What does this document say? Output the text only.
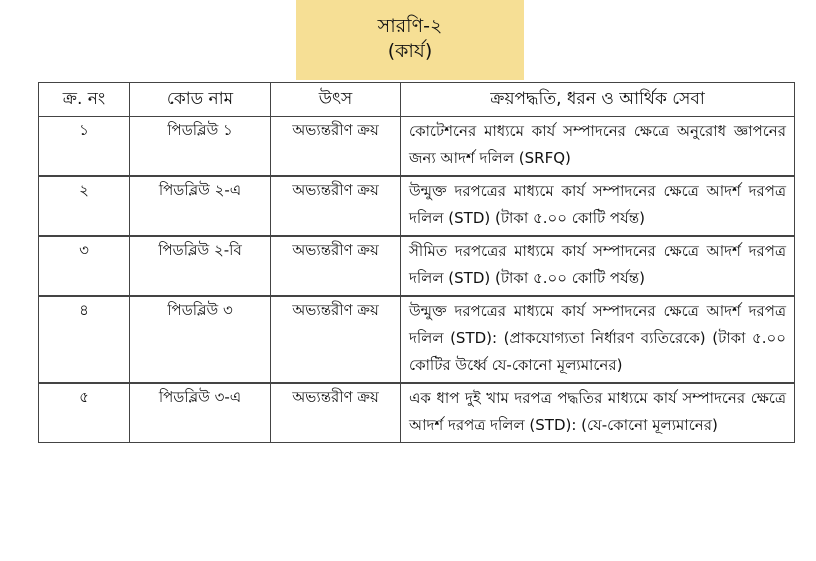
সারণি-২
(কার্য)
ক্র. নং	কোড নাম	উৎস	ক্রয়পদ্ধতি, ধরন ও আর্থিক সেবা
১	পিডব্লিউ ১	অভ্যন্তরীণ ক্রয়	কোটেশনের মাধ্যমে কার্য সম্পাদনের ক্ষেত্রে অনুরোধ জ্ঞাপনের জন্য আদর্শ দলিল (SRFQ)
২	পিডব্লিউ ২-এ	অভ্যন্তরীণ ক্রয়	উন্মুক্ত দরপত্রের মাধ্যমে কার্য সম্পাদনের ক্ষেত্রে আদর্শ দরপত্র দলিল (STD) (টাকা ৫.০০ কোটি পর্যন্ত)
৩	পিডব্লিউ ২-বি	অভ্যন্তরীণ ক্রয়	সীমিত দরপত্রের মাধ্যমে কার্য সম্পাদনের ক্ষেত্রে আদর্শ দরপত্র দলিল (STD) (টাকা ৫.০০ কোটি পর্যন্ত)
৪	পিডব্লিউ ৩	অভ্যন্তরীণ ক্রয়	উন্মুক্ত দরপত্রের মাধ্যমে কার্য সম্পাদনের ক্ষেত্রে আদর্শ দরপত্র দলিল (STD): (প্রাকযোগ্যতা নির্ধারণ ব্যতিরেকে) (টাকা ৫.০০ কোটির উর্ধ্বে যে-কোনো মূল্যমানের)
৫	পিডব্লিউ ৩-এ	অভ্যন্তরীণ ক্রয়	এক ধাপ দুই খাম দরপত্র পদ্ধতির মাধ্যমে কার্য সম্পাদনের ক্ষেত্রে আদর্শ দরপত্র দলিল (STD): (যে-কোনো মূল্যমানের)
